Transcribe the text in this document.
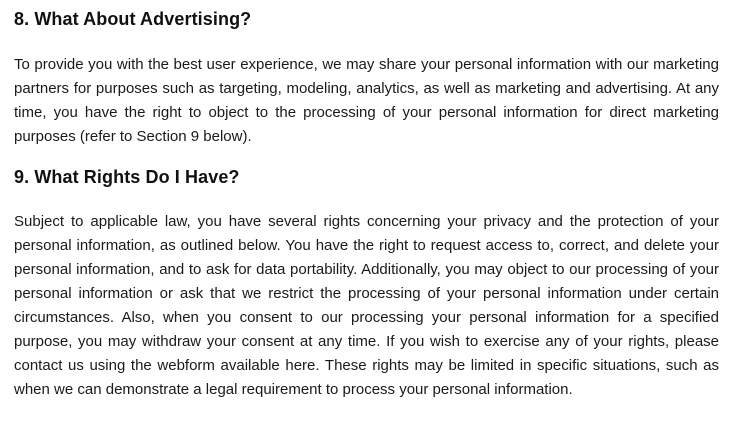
8. What About Advertising?

To provide you with the best user experience, we may share your personal information with our marketing partners for purposes such as targeting, modeling, analytics, as well as marketing and advertising. At any time, you have the right to object to the processing of your personal information for direct marketing purposes (refer to Section 9 below).

9. What Rights Do I Have?

Subject to applicable law, you have several rights concerning your privacy and the protection of your personal information, as outlined below. You have the right to request access to, correct, and delete your personal information, and to ask for data portability. Additionally, you may object to our processing of your personal information or ask that we restrict the processing of your personal information under certain circumstances. Also, when you consent to our processing your personal information for a specified purpose, you may withdraw your consent at any time. If you wish to exercise any of your rights, please contact us using the webform available here. These rights may be limited in specific situations, such as when we can demonstrate a legal requirement to process your personal information.
